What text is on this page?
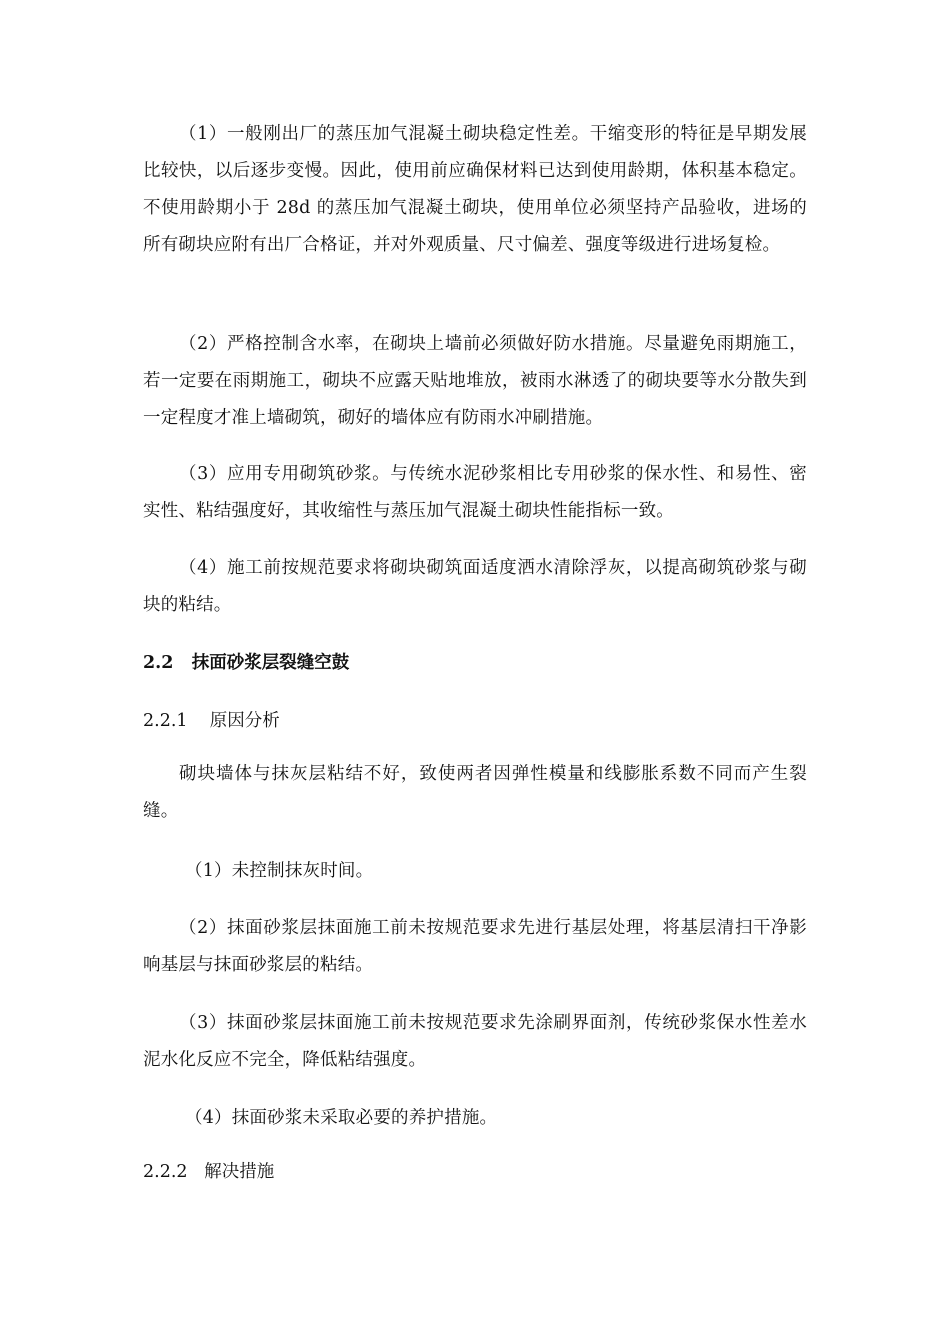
（1）一般刚出厂的蒸压加气混凝土砌块稳定性差。干缩变形的特征是早期发展比较快，以后逐步变慢。因此，使用前应确保材料已达到使用龄期，体积基本稳定。不使用龄期小于 28d 的蒸压加气混凝土砌块，使用单位必须坚持产品验收，进场的所有砌块应附有出厂合格证，并对外观质量、尺寸偏差、强度等级进行进场复检。

（2）严格控制含水率，在砌块上墙前必须做好防水措施。尽量避免雨期施工，若一定要在雨期施工，砌块不应露天贴地堆放，被雨水淋透了的砌块要等水分散失到一定程度才准上墙砌筑，砌好的墙体应有防雨水冲刷措施。

（3）应用专用砌筑砂浆。与传统水泥砂浆相比专用砂浆的保水性、和易性、密实性、粘结强度好，其收缩性与蒸压加气混凝土砌块性能指标一致。

（4）施工前按规范要求将砌块砌筑面适度洒水清除浮灰，以提高砌筑砂浆与砌块的粘结。

2.2 抹面砂浆层裂缝空鼓
2.2.1 原因分析

砌块墙体与抹灰层粘结不好，致使两者因弹性模量和线膨胀系数不同而产生裂缝。

（1）未控制抹灰时间。

（2）抹面砂浆层抹面施工前未按规范要求先进行基层处理，将基层清扫干净影响基层与抹面砂浆层的粘结。

（3）抹面砂浆层抹面施工前未按规范要求先涂刷界面剂，传统砂浆保水性差水泥水化反应不完全，降低粘结强度。

（4）抹面砂浆未采取必要的养护措施。

2.2.2 解决措施
